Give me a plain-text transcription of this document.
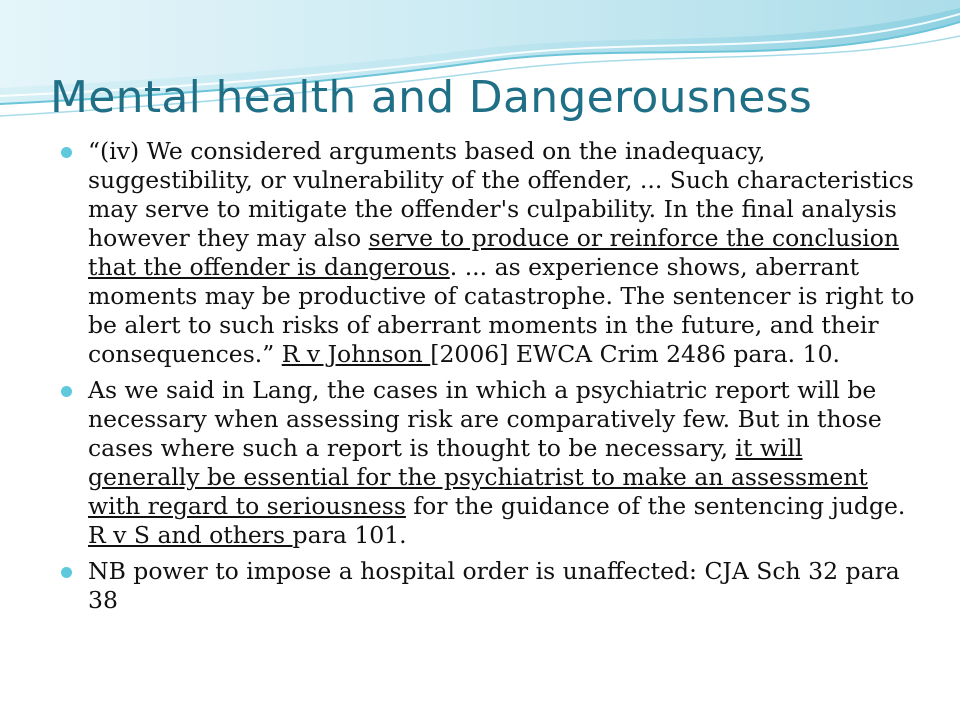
Mental health and Dangerousness
“(iv) We considered arguments based on the inadequacy, suggestibility, or vulnerability of the offender, ... Such characteristics may serve to mitigate the offender's culpability. In the final analysis however they may also serve to produce or reinforce the conclusion that the offender is dangerous. ... as experience shows, aberrant moments may be productive of catastrophe. The sentencer is right to be alert to such risks of aberrant moments in the future, and their consequences.” R v Johnson [2006] EWCA Crim 2486 para. 10.
As we said in Lang, the cases in which a psychiatric report will be necessary when assessing risk are comparatively few. But in those cases where such a report is thought to be necessary, it will generally be essential for the psychiatrist to make an assessment with regard to seriousness for the guidance of the sentencing judge. R v S and others para 101.
NB power to impose a hospital order is unaffected: CJA Sch 32 para 38
